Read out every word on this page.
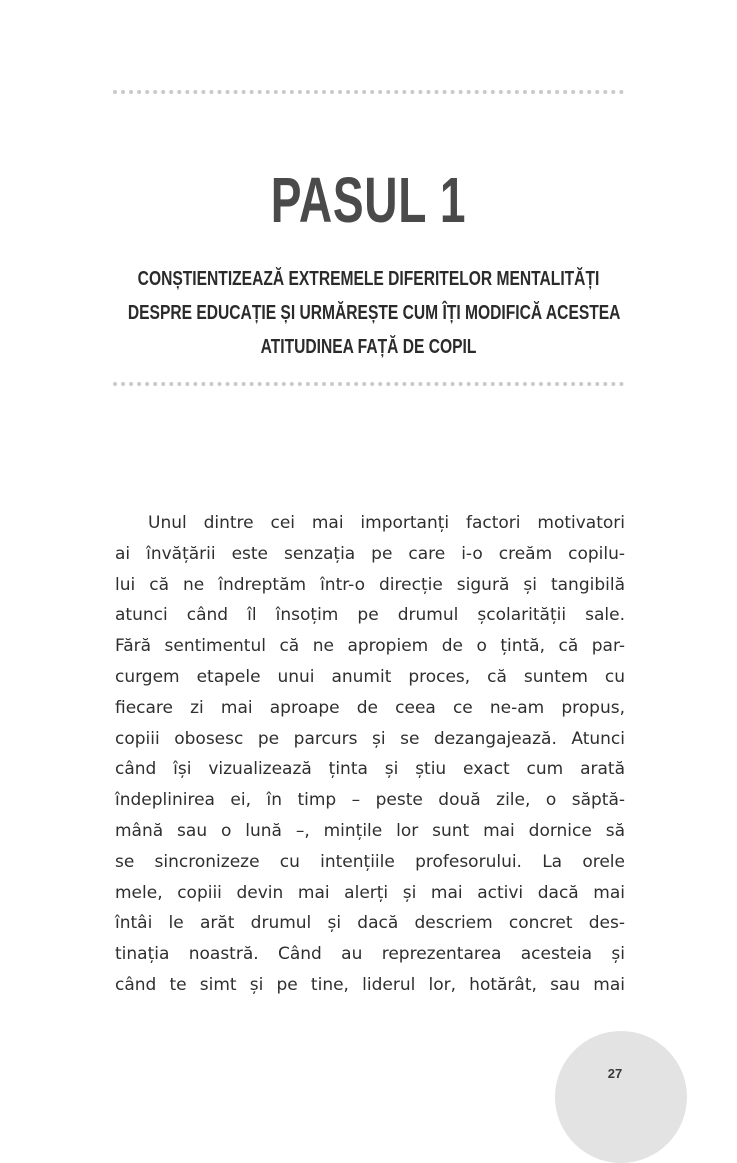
PASUL 1
CONȘTIENTIZEAZĂ EXTREMELE DIFERITELOR MENTALITĂȚI
DESPRE EDUCAȚIE ȘI URMĂREȘTE CUM ÎȚI MODIFICĂ ACESTEA
ATITUDINEA FAȚĂ DE COPIL
Unul dintre cei mai importanți factori motivatori
ai învățării este senzația pe care i-o creăm copilu-
lui că ne îndreptăm într-o direcție sigură și tangibilă
atunci când îl însoțim pe drumul școlarității sale.
Fără sentimentul că ne apropiem de o țintă, că par-
curgem etapele unui anumit proces, că suntem cu
fiecare zi mai aproape de ceea ce ne-am propus,
copiii obosesc pe parcurs și se dezangajează. Atunci
când își vizualizează ținta și știu exact cum arată
îndeplinirea ei, în timp – peste două zile, o săptă-
mână sau o lună –, mințile lor sunt mai dornice să
se sincronizeze cu intențiile profesorului. La orele
mele, copiii devin mai alerți și mai activi dacă mai
întâi le arăt drumul și dacă descriem concret des-
tinația noastră. Când au reprezentarea acesteia și
când te simt și pe tine, liderul lor, hotărât, sau mai
27
